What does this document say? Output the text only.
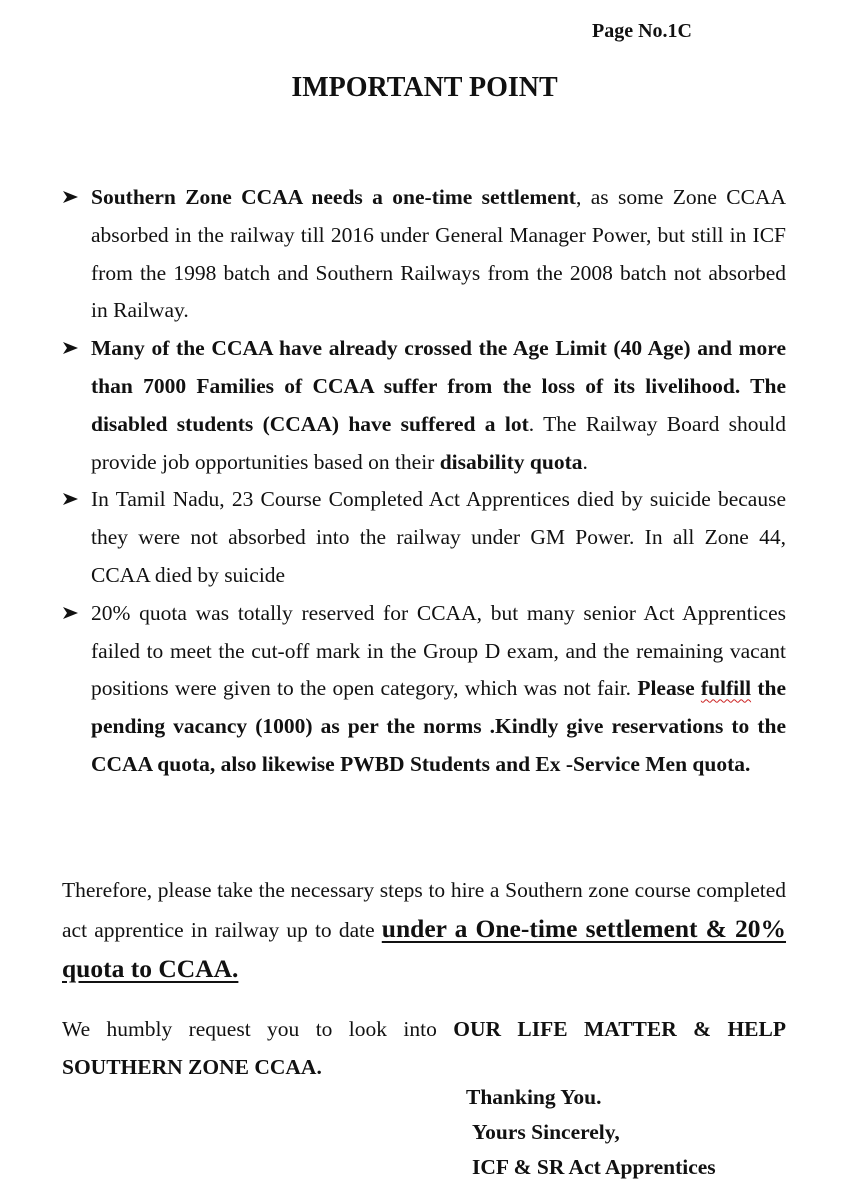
Page No.1C
IMPORTANT POINT
Southern Zone CCAA needs a one-time settlement, as some Zone CCAA absorbed in the railway till 2016 under General Manager Power, but still in ICF from the 1998 batch and Southern Railways from the 2008 batch not absorbed in Railway.
Many of the CCAA have already crossed the Age Limit (40 Age) and more than 7000 Families of CCAA suffer from the loss of its livelihood. The disabled students (CCAA) have suffered a lot. The Railway Board should provide job opportunities based on their disability quota.
In Tamil Nadu, 23 Course Completed Act Apprentices died by suicide because they were not absorbed into the railway under GM Power. In all Zone 44, CCAA died by suicide
20% quota was totally reserved for CCAA, but many senior Act Apprentices failed to meet the cut-off mark in the Group D exam, and the remaining vacant positions were given to the open category, which was not fair. Please fulfill the pending vacancy (1000) as per the norms .Kindly give reservations to the CCAA quota, also likewise PWBD Students and Ex -Service Men quota.

Therefore, please take the necessary steps to hire a Southern zone course completed act apprentice in railway up to date under a One-time settlement & 20% quota to CCAA.

We humbly request you to look into OUR LIFE MATTER & HELP SOUTHERN ZONE CCAA.

Thanking You.
Yours Sincerely,
ICF & SR Act Apprentices
